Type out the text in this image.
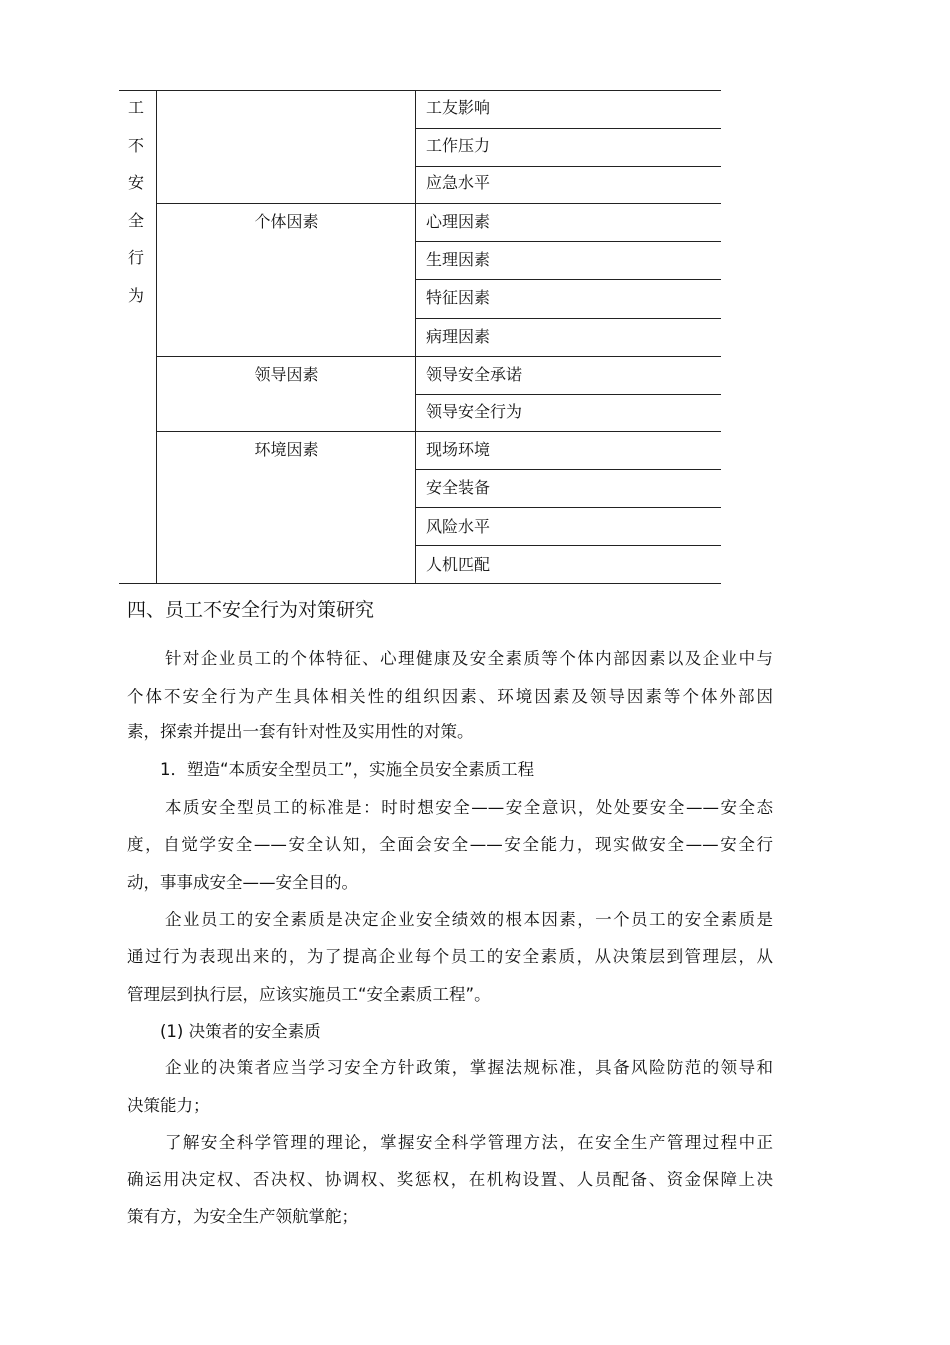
工
不
安
全
行
为
个体因素
领导因素
环境因素
工友影响
工作压力
应急水平
心理因素
生理因素
特征因素
病理因素
领导安全承诺
领导安全行为
现场环境
安全装备
风险水平
人机匹配
四、员工不安全行为对策研究
针对企业员工的个体特征、心理健康及安全素质等个体内部因素以及企业中与
个体不安全行为产生具体相关性的组织因素、环境因素及领导因素等个体外部因
素，探索并提出一套有针对性及实用性的对策。
1．塑造“本质安全型员工”，实施全员安全素质工程
本质安全型员工的标准是：时时想安全——安全意识，处处要安全——安全态
度，自觉学安全——安全认知，全面会安全——安全能力，现实做安全——安全行
动，事事成安全——安全目的。
企业员工的安全素质是决定企业安全绩效的根本因素，一个员工的安全素质是
通过行为表现出来的，为了提高企业每个员工的安全素质，从决策层到管理层，从
管理层到执行层，应该实施员工“安全素质工程”。
(1) 决策者的安全素质
企业的决策者应当学习安全方针政策，掌握法规标准，具备风险防范的领导和
决策能力；
了解安全科学管理的理论，掌握安全科学管理方法，在安全生产管理过程中正
确运用决定权、否决权、协调权、奖惩权，在机构设置、人员配备、资金保障上决
策有方，为安全生产领航掌舵；
